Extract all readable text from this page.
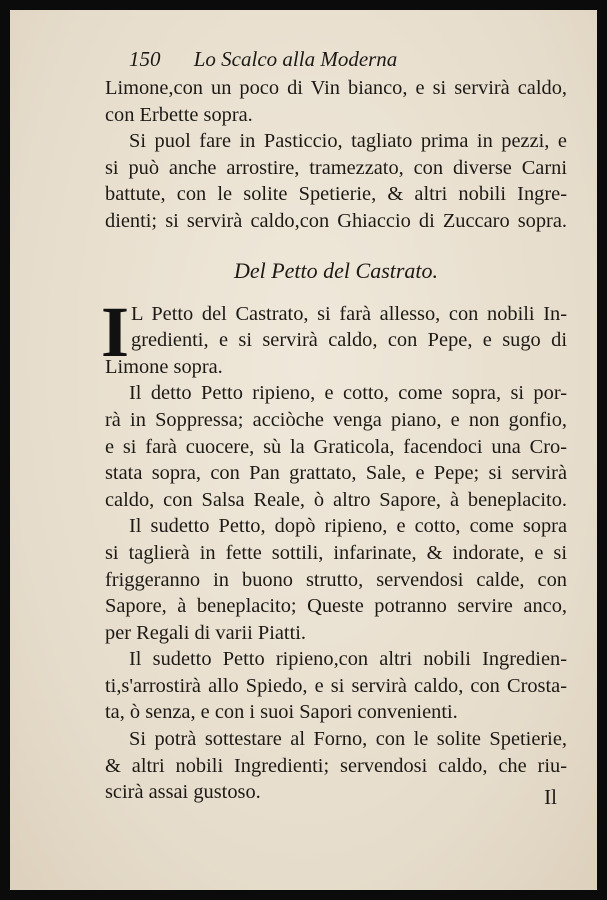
150 Lo Scalco alla Moderna
Limone,con un poco di Vin bianco, e si servirà caldo,
con Erbette sopra.
Si puol fare in Pasticcio, tagliato prima in pezzi, e
si può anche arrostire, tramezzato, con diverse Carni
battute, con le solite Spetierie, & altri nobili Ingre-
dienti; si servirà caldo,con Ghiaccio di Zuccaro sopra.
Del Petto del Castrato.
I L Petto del Castrato, si farà allesso, con nobili In-
gredienti, e si servirà caldo, con Pepe, e sugo di
Limone sopra.
Il detto Petto ripieno, e cotto, come sopra, si por-
rà in Soppressa; acciòche venga piano, e non gonfio,
e si farà cuocere, sù la Graticola, facendoci una Cro-
stata sopra, con Pan grattato, Sale, e Pepe; si servirà
caldo, con Salsa Reale, ò altro Sapore, à beneplacito.
Il sudetto Petto, dopò ripieno, e cotto, come sopra
si taglierà in fette sottili, infarinate, & indorate, e si
friggeranno in buono strutto, servendosi calde, con
Sapore, à beneplacito; Queste potranno servire anco,
per Regali di varii Piatti.
Il sudetto Petto ripieno,con altri nobili Ingredien-
ti,s'arrostirà allo Spiedo, e si servirà caldo, con Crosta-
ta, ò senza, e con i suoi Sapori convenienti.
Si potrà sottestare al Forno, con le solite Spetierie,
& altri nobili Ingredienti; servendosi caldo, che riu-
scirà assai gustoso.	Il
